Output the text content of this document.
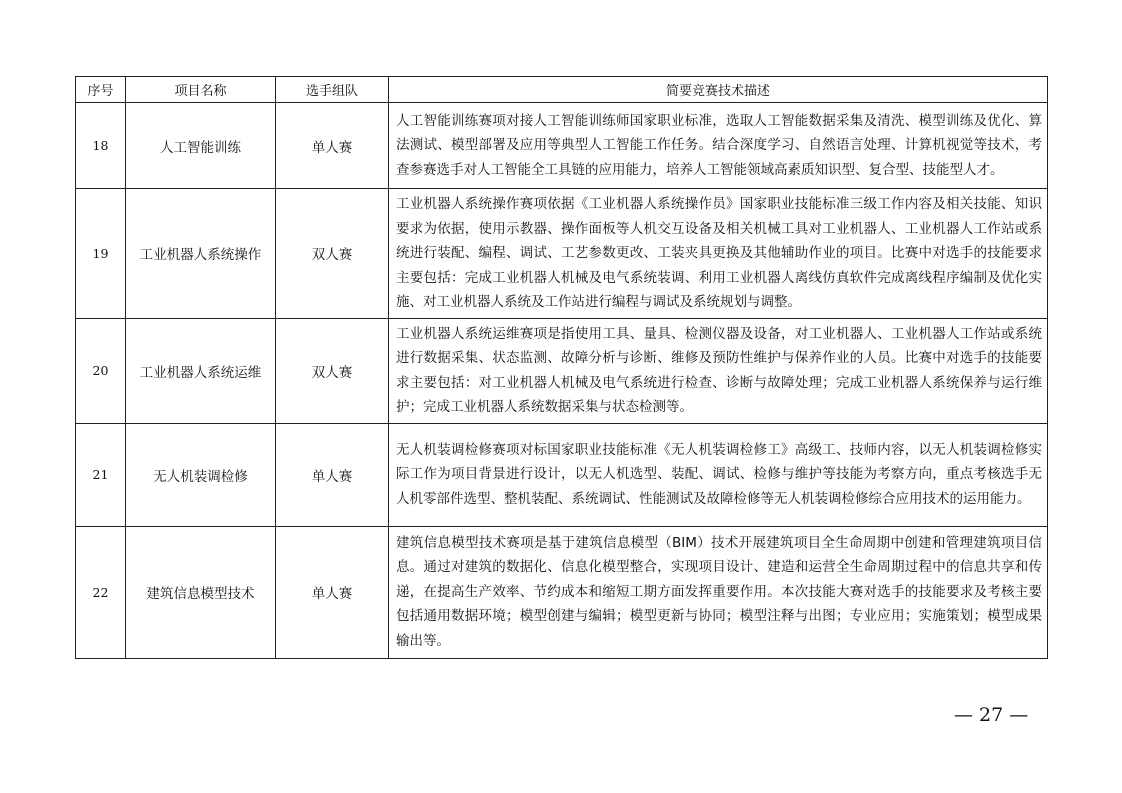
序号	项目名称	选手组队	简要竞赛技术描述
18	人工智能训练	单人赛	人工智能训练赛项对接人工智能训练师国家职业标准，选取人工智能数据采集及清洗、模型训练及优化、算法测试、模型部署及应用等典型人工智能工作任务。结合深度学习、自然语言处理、计算机视觉等技术，考查参赛选手对人工智能全工具链的应用能力，培养人工智能领域高素质知识型、复合型、技能型人才。
19	工业机器人系统操作	双人赛	工业机器人系统操作赛项依据《工业机器人系统操作员》国家职业技能标准三级工作内容及相关技能、知识要求为依据，使用示教器、操作面板等人机交互设备及相关机械工具对工业机器人、工业机器人工作站或系统进行装配、编程、调试、工艺参数更改、工装夹具更换及其他辅助作业的项目。比赛中对选手的技能要求主要包括：完成工业机器人机械及电气系统装调、利用工业机器人离线仿真软件完成离线程序编制及优化实施、对工业机器人系统及工作站进行编程与调试及系统规划与调整。
20	工业机器人系统运维	双人赛	工业机器人系统运维赛项是指使用工具、量具、检测仪器及设备，对工业机器人、工业机器人工作站或系统进行数据采集、状态监测、故障分析与诊断、维修及预防性维护与保养作业的人员。比赛中对选手的技能要求主要包括：对工业机器人机械及电气系统进行检查、诊断与故障处理；完成工业机器人系统保养与运行维护；完成工业机器人系统数据采集与状态检测等。
21	无人机装调检修	单人赛	无人机装调检修赛项对标国家职业技能标准《无人机装调检修工》高级工、技师内容，以无人机装调检修实际工作为项目背景进行设计，以无人机选型、装配、调试、检修与维护等技能为考察方向，重点考核选手无人机零部件选型、整机装配、系统调试、性能测试及故障检修等无人机装调检修综合应用技术的运用能力。
22	建筑信息模型技术	单人赛	建筑信息模型技术赛项是基于建筑信息模型（BIM）技术开展建筑项目全生命周期中创建和管理建筑项目信息。通过对建筑的数据化、信息化模型整合，实现项目设计、建造和运营全生命周期过程中的信息共享和传递，在提高生产效率、节约成本和缩短工期方面发挥重要作用。本次技能大赛对选手的技能要求及考核主要包括通用数据环境；模型创建与编辑；模型更新与协同；模型注释与出图；专业应用；实施策划；模型成果输出等。
— 27 —
